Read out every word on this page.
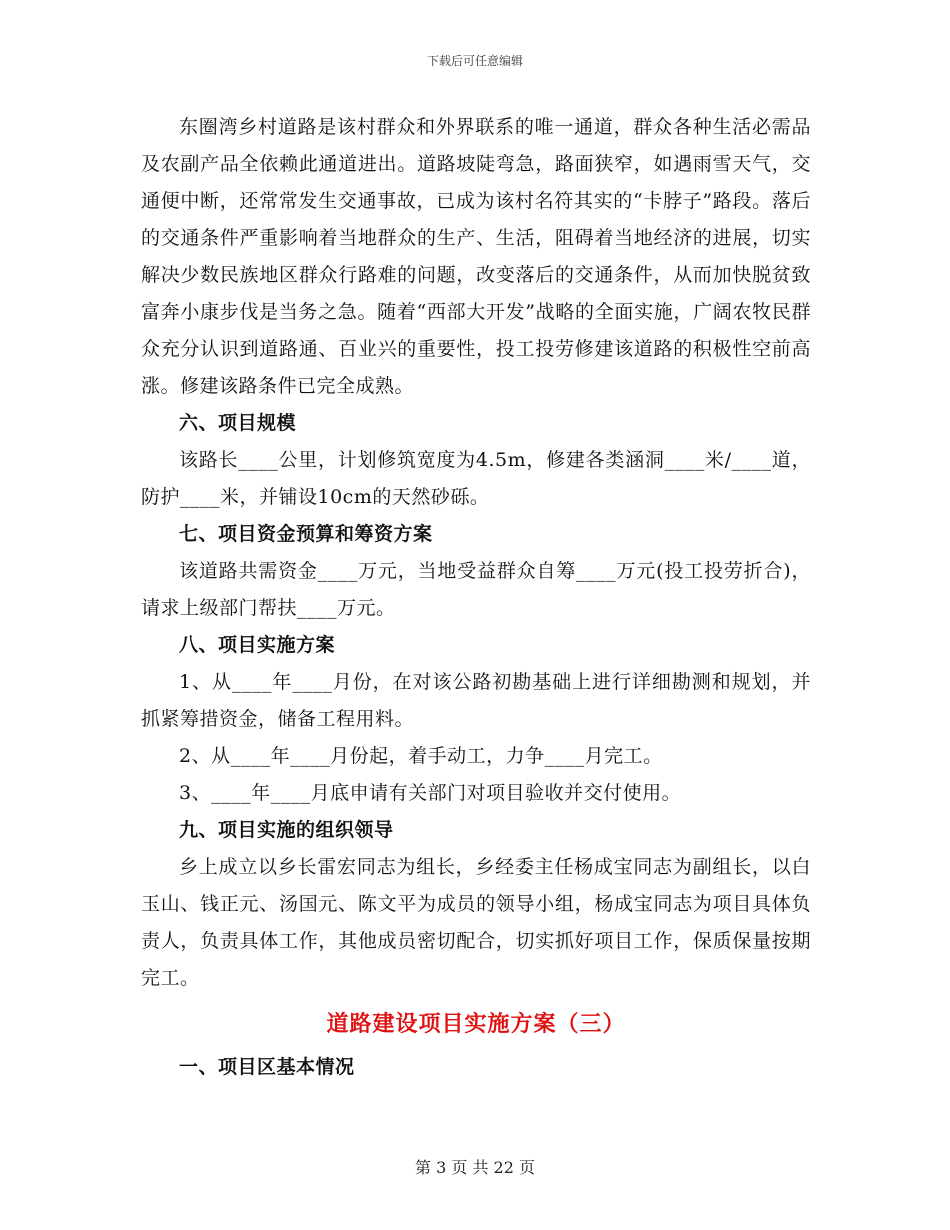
下载后可任意编辑

东圈湾乡村道路是该村群众和外界联系的唯一通道，群众各种生活必需品及农副产品全依赖此通道进出。道路坡陡弯急，路面狭窄，如遇雨雪天气，交通便中断，还常常发生交通事故，已成为该村名符其实的“卡脖子”路段。落后的交通条件严重影响着当地群众的生产、生活，阻碍着当地经济的进展，切实解决少数民族地区群众行路难的问题，改变落后的交通条件，从而加快脱贫致富奔小康步伐是当务之急。随着“西部大开发”战略的全面实施，广阔农牧民群众充分认识到道路通、百业兴的重要性，投工投劳修建该道路的积极性空前高涨。修建该路条件已完全成熟。

六、项目规模

该路长____公里，计划修筑宽度为4.5m，修建各类涵洞____米/____道，防护____米，并铺设10cm的天然砂砾。

七、项目资金预算和筹资方案

该道路共需资金____万元，当地受益群众自筹____万元(投工投劳折合)，请求上级部门帮扶____万元。

八、项目实施方案

1、从____年____月份，在对该公路初勘基础上进行详细勘测和规划，并抓紧筹措资金，储备工程用料。

2、从____年____月份起，着手动工，力争____月完工。

3、____年____月底申请有关部门对项目验收并交付使用。

九、项目实施的组织领导

乡上成立以乡长雷宏同志为组长，乡经委主任杨成宝同志为副组长，以白玉山、钱正元、汤国元、陈文平为成员的领导小组，杨成宝同志为项目具体负责人，负责具体工作，其他成员密切配合，切实抓好项目工作，保质保量按期完工。

道路建设项目实施方案（三）

一、项目区基本情况

第 3 页 共 22 页
